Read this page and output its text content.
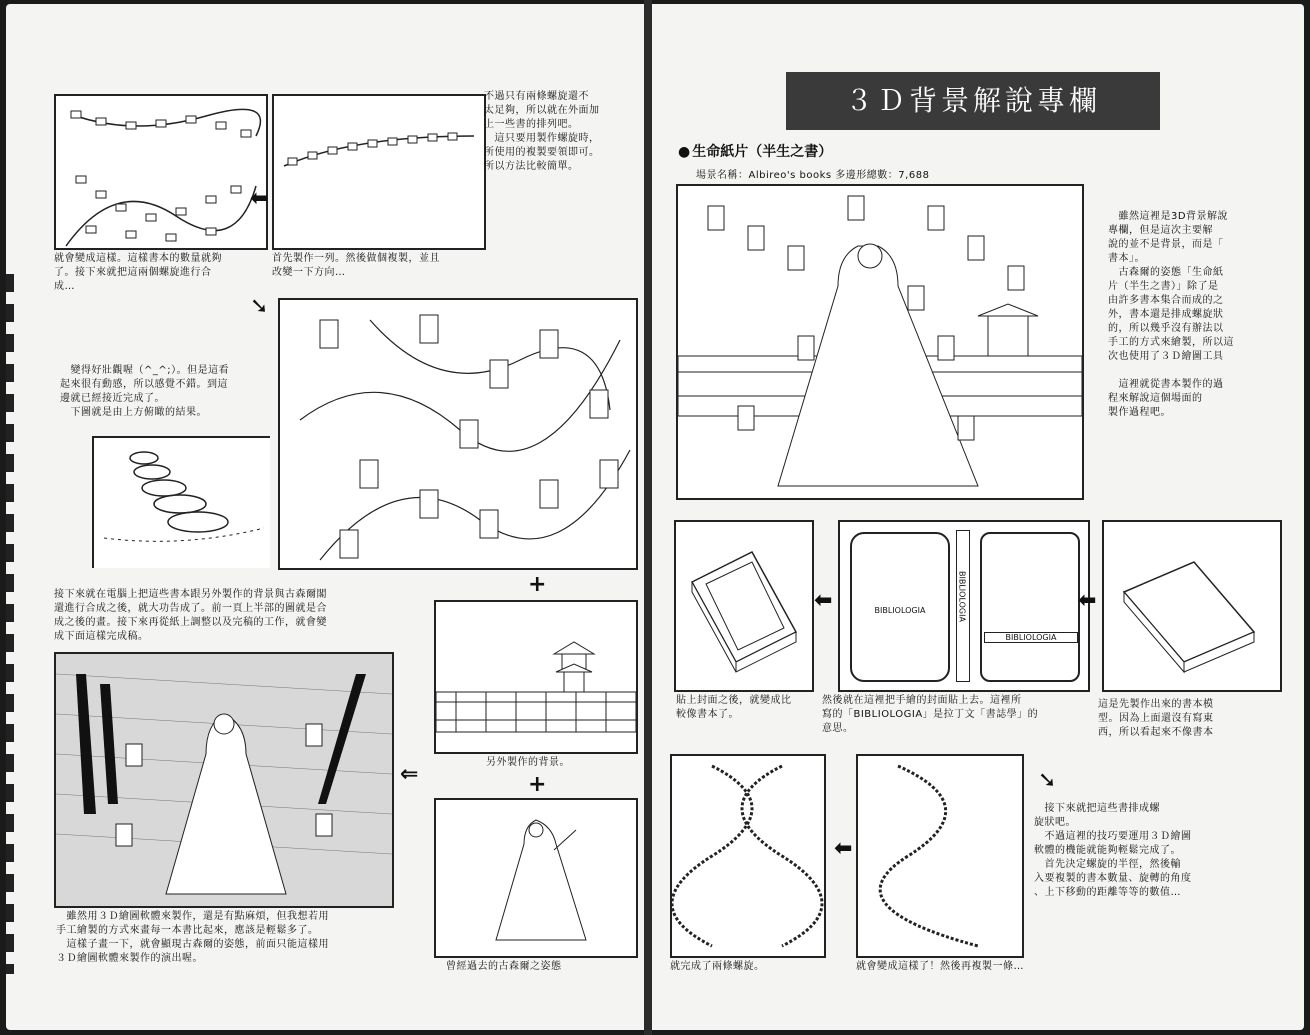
⬅
不過只有兩條螺旋還不
太足夠，所以就在外面加
上一些書的排列吧。
　這只要用製作螺旋時，
所使用的複製要領即可。
所以方法比較簡單。
就會變成這樣。這樣書本的數量就夠
了。接下來就把這兩個螺旋進行合
成…
首先製作一列。然後做個複製，並且
改變一下方向…
➘
　變得好壯觀喔（^_^;）。但是這看
起來很有動感，所以感覺不錯。到這
邊就已經接近完成了。
　下圖就是由上方俯瞰的結果。
接下來就在電腦上把這些書本跟另外製作的背景與古森爾閣
還進行合成之後，就大功告成了。前一頁上半部的圖就是合
成之後的畫。接下來再從紙上調整以及完稿的工作，就會變
成下面這樣完成稿。
+
另外製作的背景。
+
⇐
　雖然用３Ｄ繪圖軟體來製作，還是有點麻煩，但我想若用
手工繪製的方式來畫每一本書比起來，應該是輕鬆多了。
　這樣子畫一下，就會顯現古森爾的姿態，前面只能這樣用
３Ｄ繪圖軟體來製作的演出喔。
曾經過去的古森爾之姿態
３Ｄ背景解說專欄
● 生命紙片（半生之書）
場景名稱：Albireo's books 多邊形總數：7,688
　雖然這裡是3D背景解說
專欄，但是這次主要解
說的並不是背景，而是「
書本」。
　古森爾的姿態「生命紙
片（半生之書）」除了是
由許多書本集合而成的之
外，書本還是排成螺旋狀
的，所以幾乎沒有辦法以
手工的方式來繪製，所以這
次也使用了３Ｄ繪圖工具

　這裡就從書本製作的過
程來解說這個場面的
製作過程吧。
⬅	BIBLIOLOGIA	BIBLIOLOGIA
BIBLIOLOGIA
⬅
貼上封面之後，就變成比
較像書本了。
然後就在這裡把手繪的封面貼上去。這裡所
寫的「BIBLIOLOGIA」是拉丁文「書誌學」的
意思。
這是先製作出來的書本模
型。因為上面還沒有寫東
西，所以看起來不像書本
⬅
➘
　接下來就把這些書排成螺
旋狀吧。
　不過這裡的技巧要運用３Ｄ繪圖
軟體的機能就能夠輕鬆完成了。
　首先決定螺旋的半徑，然後輸
入要複製的書本數量、旋轉的角度
、上下移動的距離等等的數值…
就完成了兩條螺旋。	就會變成這樣了！然後再複製一條…
